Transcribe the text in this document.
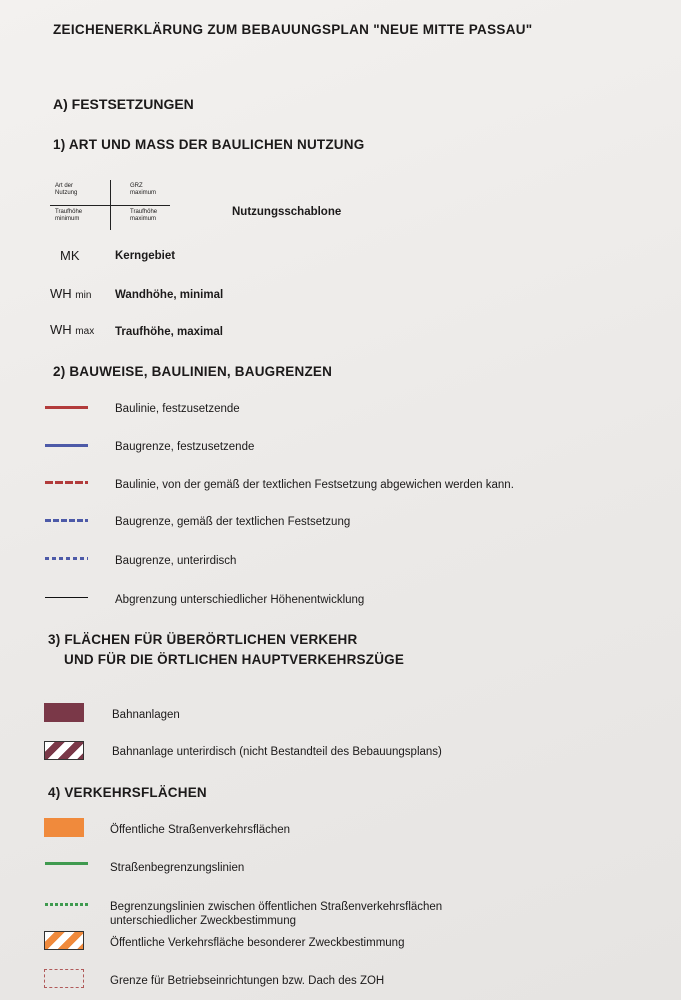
ZEICHENERKLÄRUNG ZUM BEBAUUNGSPLAN "NEUE MITTE PASSAU"
A) FESTSETZUNGEN
1) ART UND MASS DER BAULICHEN NUTZUNG
Art der
Nutzung
GRZ
maximum
Traufhöhe
minimum
Traufhöhe
maximum
Nutzungsschablone
MK	Kerngebiet
WH min Wandhöhe, minimal
WH max Traufhöhe, maximal
2) BAUWEISE, BAULINIEN, BAUGRENZEN
Baulinie, festzusetzende
Baugrenze, festzusetzende
Baulinie, von der gemäß der textlichen Festsetzung abgewichen werden kann.
Baugrenze, gemäß der textlichen Festsetzung
Baugrenze, unterirdisch
Abgrenzung unterschiedlicher Höhenentwicklung
3) FLÄCHEN FÜR ÜBERÖRTLICHEN VERKEHR
UND FÜR DIE ÖRTLICHEN HAUPTVERKEHRSZÜGE
Bahnanlagen
Bahnanlage unterirdisch (nicht Bestandteil des Bebauungsplans)
4) VERKEHRSFLÄCHEN
Öffentliche Straßenverkehrsflächen
Straßenbegrenzungslinien
Begrenzungslinien zwischen öffentlichen Straßenverkehrsflächen
unterschiedlicher Zweckbestimmung
Öffentliche Verkehrsfläche besonderer Zweckbestimmung
Grenze für Betriebseinrichtungen bzw. Dach des ZOH
